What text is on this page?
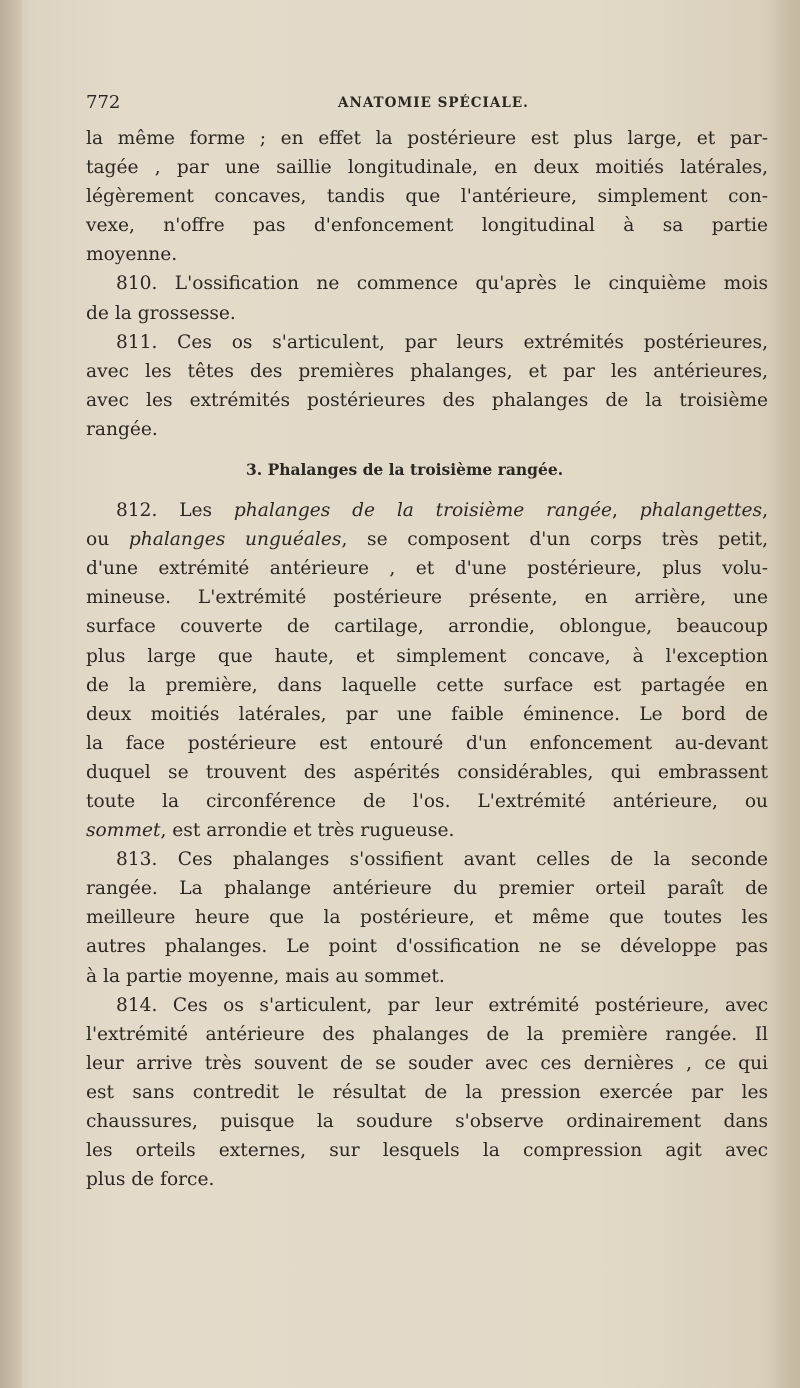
772	ANATOMIE SPÉCIALE.
la même forme ; en effet la postérieure est plus large, et par-
tagée , par une saillie longitudinale, en deux moitiés latérales,
légèrement concaves, tandis que l'antérieure, simplement con-
vexe, n'offre pas d'enfoncement longitudinal à sa partie
moyenne.
810. L'ossification ne commence qu'après le cinquième mois
de la grossesse.
811. Ces os s'articulent, par leurs extrémités postérieures,
avec les têtes des premières phalanges, et par les antérieures,
avec les extrémités postérieures des phalanges de la troisième
rangée.
3. Phalanges de la troisième rangée.
812. Les phalanges de la troisième rangée, phalangettes,
ou phalanges unguéales, se composent d'un corps très petit,
d'une extrémité antérieure , et d'une postérieure, plus volu-
mineuse. L'extrémité postérieure présente, en arrière, une
surface couverte de cartilage, arrondie, oblongue, beaucoup
plus large que haute, et simplement concave, à l'exception
de la première, dans laquelle cette surface est partagée en
deux moitiés latérales, par une faible éminence. Le bord de
la face postérieure est entouré d'un enfoncement au-devant
duquel se trouvent des aspérités considérables, qui embrassent
toute la circonférence de l'os. L'extrémité antérieure, ou
sommet, est arrondie et très rugueuse.
813. Ces phalanges s'ossifient avant celles de la seconde
rangée. La phalange antérieure du premier orteil paraît de
meilleure heure que la postérieure, et même que toutes les
autres phalanges. Le point d'ossification ne se développe pas
à la partie moyenne, mais au sommet.
814. Ces os s'articulent, par leur extrémité postérieure, avec
l'extrémité antérieure des phalanges de la première rangée. Il
leur arrive très souvent de se souder avec ces dernières , ce qui
est sans contredit le résultat de la pression exercée par les
chaussures, puisque la soudure s'observe ordinairement dans
les orteils externes, sur lesquels la compression agit avec
plus de force.
